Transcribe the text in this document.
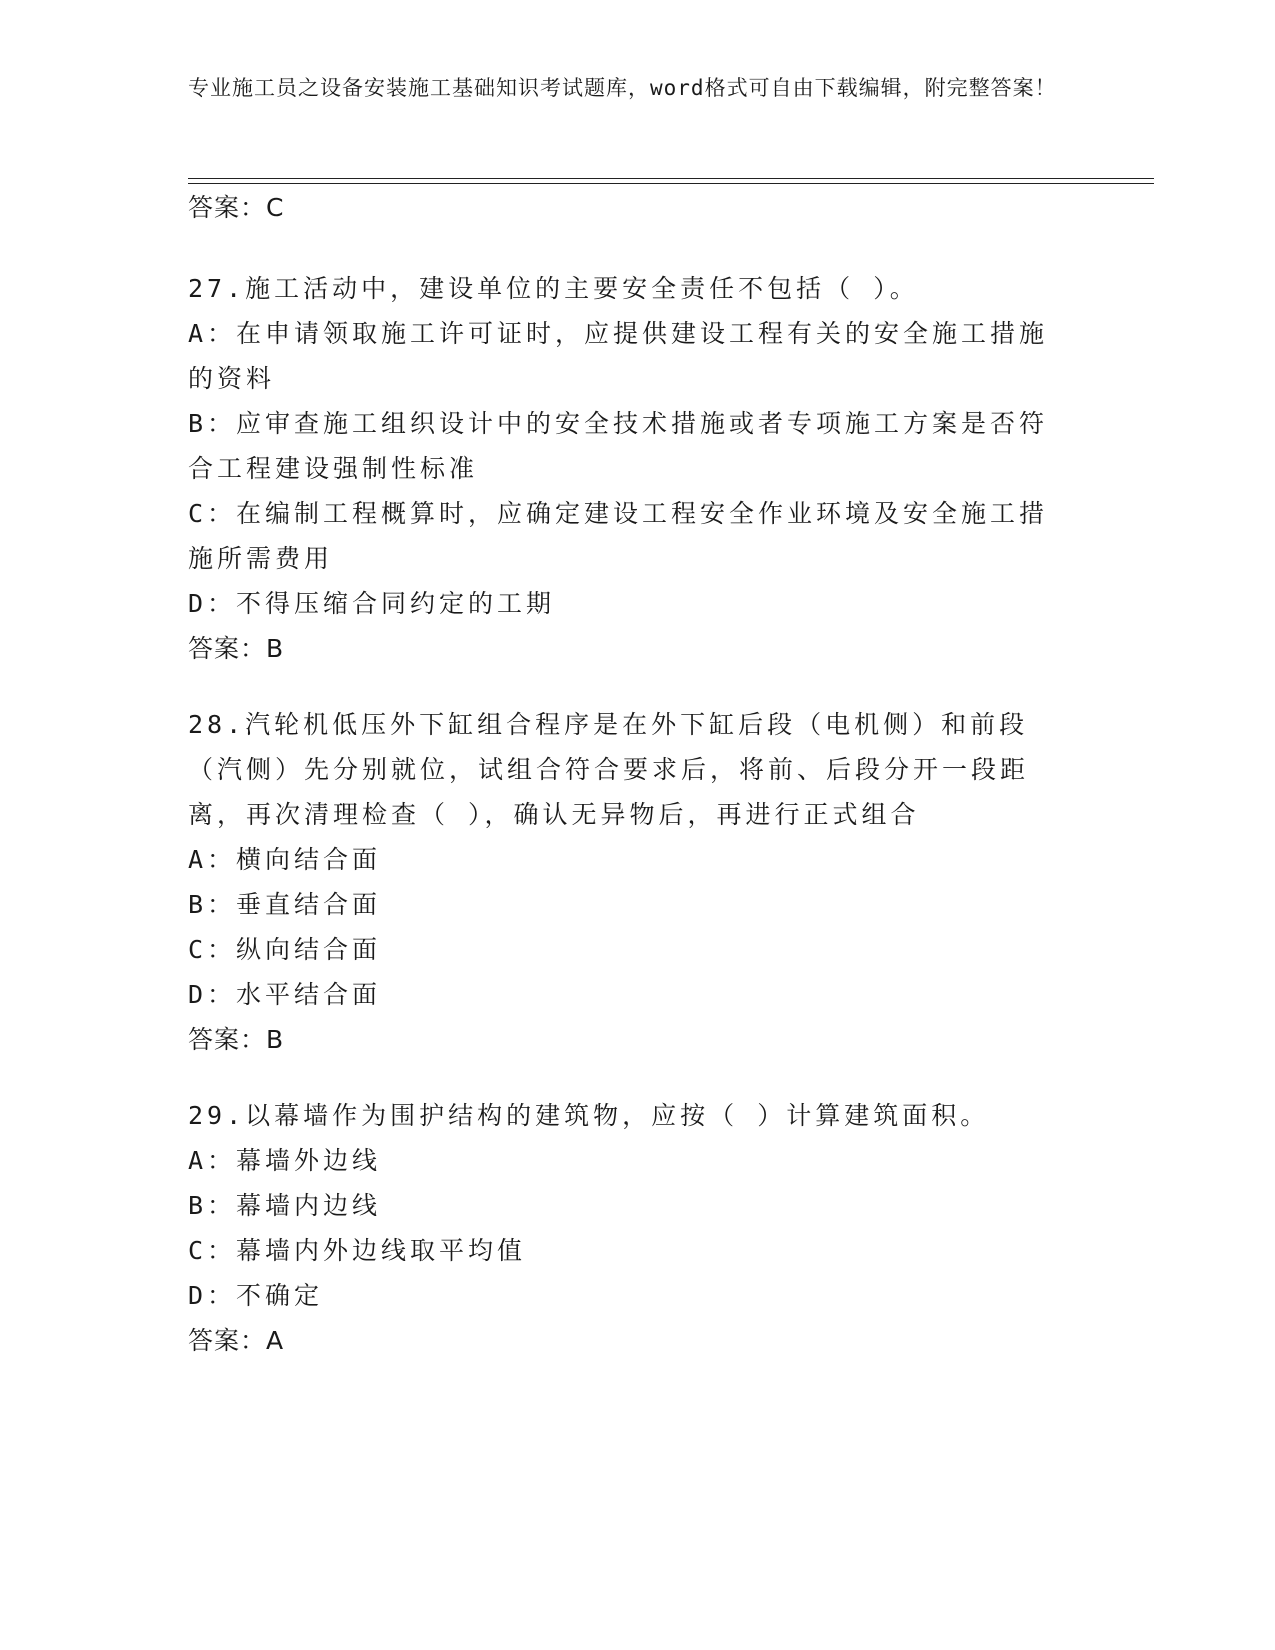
专业施工员之设备安装施工基础知识考试题库，word格式可自由下载编辑，附完整答案！
答案：C

27.施工活动中，建设单位的主要安全责任不包括（ ）。

A：在申请领取施工许可证时，应提供建设工程有关的安全施工措施的资料

B：应审查施工组织设计中的安全技术措施或者专项施工方案是否符合工程建设强制性标准

C：在编制工程概算时，应确定建设工程安全作业环境及安全施工措施所需费用

D：不得压缩合同约定的工期

答案：B

28.汽轮机低压外下缸组合程序是在外下缸后段（电机侧）和前段（汽侧）先分别就位，试组合符合要求后，将前、后段分开一段距离，再次清理检查（ ），确认无异物后，再进行正式组合

A：横向结合面

B：垂直结合面

C：纵向结合面

D：水平结合面

答案：B

29.以幕墙作为围护结构的建筑物，应按（ ）计算建筑面积。

A：幕墙外边线

B：幕墙内边线

C：幕墙内外边线取平均值

D：不确定

答案：A
